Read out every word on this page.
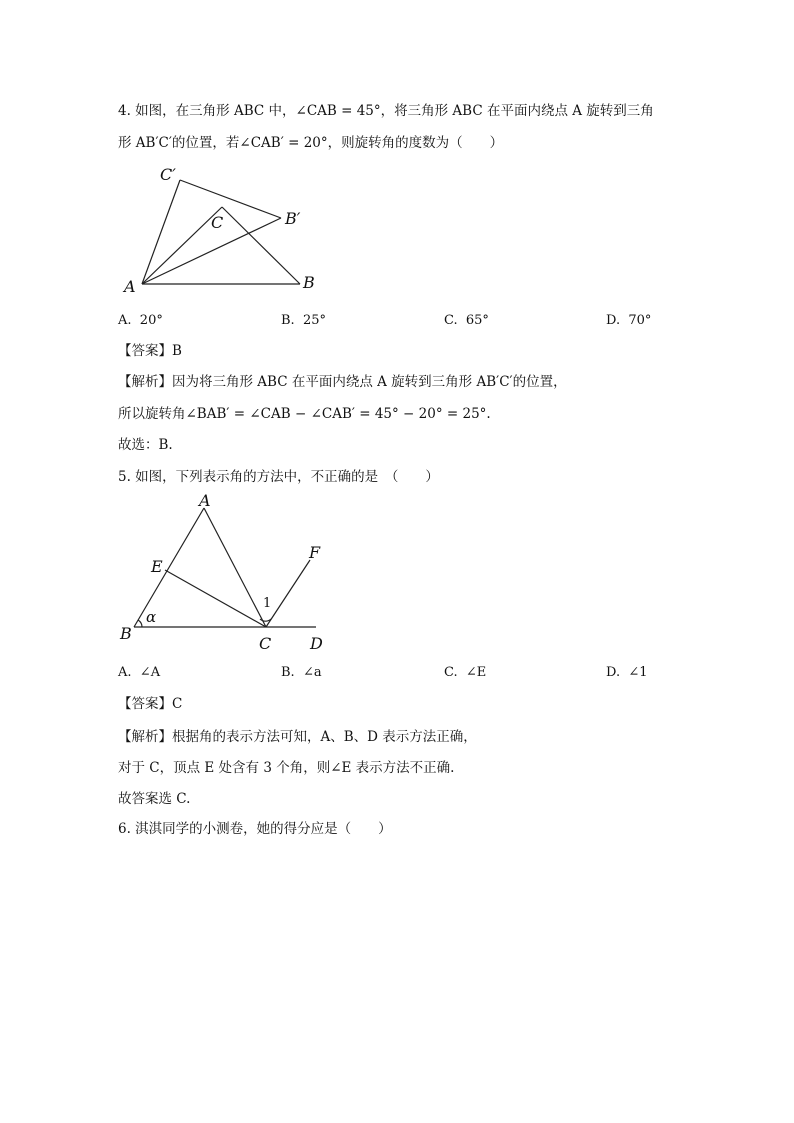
4. 如图，在三角形 ABC 中，∠CAB = 45°，将三角形 ABC 在平面内绕点 A 旋转到三角
形 AB′C′的位置，若∠CAB′ = 20°，则旋转角的度数为（　　）
C′
C	B′
A	B
A. 20°	B. 25°	C. 65°	D. 70°
【答案】B
【解析】因为将三角形 ABC 在平面内绕点 A 旋转到三角形 AB′C′的位置，
所以旋转角∠BAB′ = ∠CAB − ∠CAB′ = 45° − 20° = 25°.
故选：B.
5. 如图，下列表示角的方法中，不正确的是　（　　）
A
E
F
α
B
C D
1
A. ∠A	B. ∠a	C. ∠E	D. ∠1
【答案】C
【解析】根据角的表示方法可知，A、B、D 表示方法正确，
对于 C，顶点 E 处含有 3 个角，则∠E 表示方法不正确.
故答案选 C.
6. 淇淇同学的小测卷，她的得分应是（　　）
